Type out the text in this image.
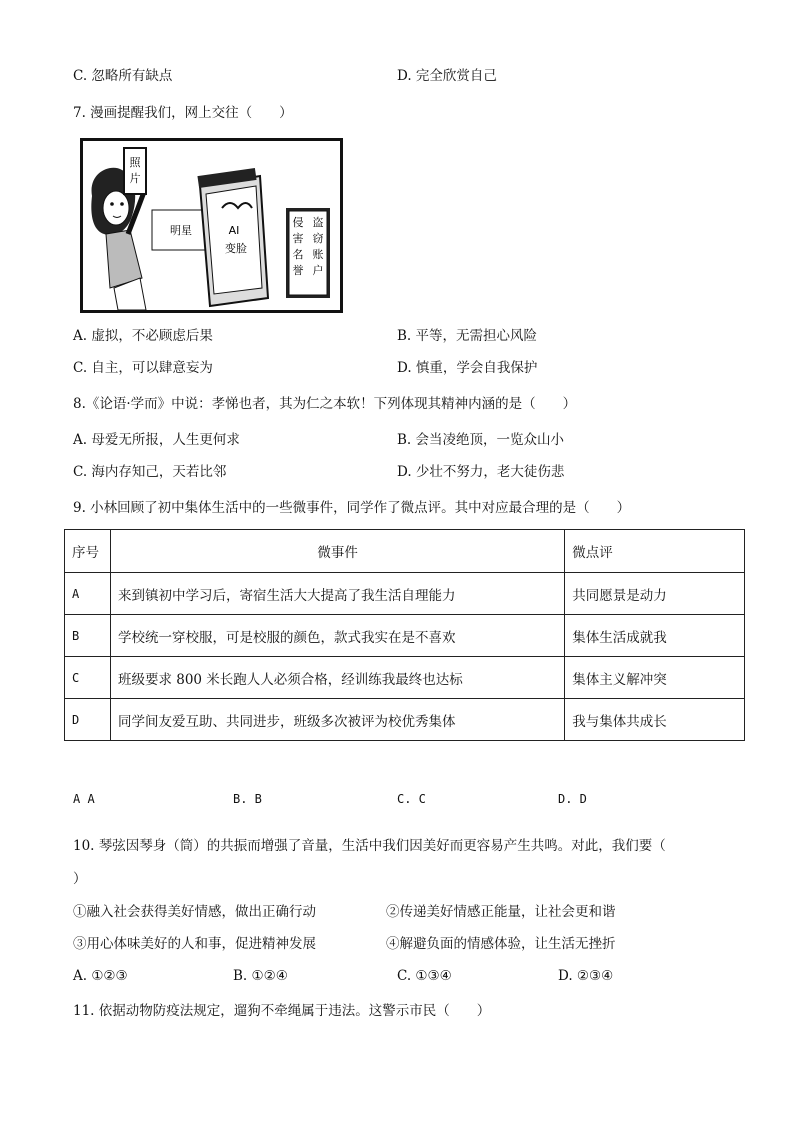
C. 忽略所有缺点	D. 完全欣赏自己
7. 漫画提醒我们，网上交往（　　）
照
片
明星	AI
变脸
侵
害
名
誉
盗
窃
账
户
A. 虚拟，不必顾虑后果	B. 平等，无需担心风险
C. 自主，可以肆意妄为	D. 慎重，学会自我保护
8.《论语·学而》中说：孝悌也者，其为仁之本软！下列体现其精神内涵的是（　　）
A. 母爱无所报，人生更何求	B. 会当凌绝顶，一览众山小
C. 海内存知己，天若比邻	D. 少壮不努力，老大徒伤悲
9. 小林回顾了初中集体生活中的一些微事件，同学作了微点评。其中对应最合理的是（　　）
序号	微事件	微点评
A	来到镇初中学习后，寄宿生活大大提高了我生活自理能力	共同愿景是动力
B	学校统一穿校服，可是校服的颜色，款式我实在是不喜欢	集体生活成就我
C	班级要求 800 米长跑人人必须合格，经训练我最终也达标	集体主义解冲突
D	同学间友爱互助、共同进步，班级多次被评为校优秀集体	我与集体共成长
A A	B. B	C. C	D. D
10. 琴弦因琴身（筒）的共振而增强了音量，生活中我们因美好而更容易产生共鸣。对此，我们要（
）
①融入社会获得美好情感，做出正确行动	②传递美好情感正能量，让社会更和谐
③用心体味美好的人和事，促进精神发展	④解避负面的情感体验，让生活无挫折
A. ①②③	B. ①②④	C. ①③④	D. ②③④
11. 依据动物防疫法规定，遛狗不牵绳属于违法。这警示市民（　　）
